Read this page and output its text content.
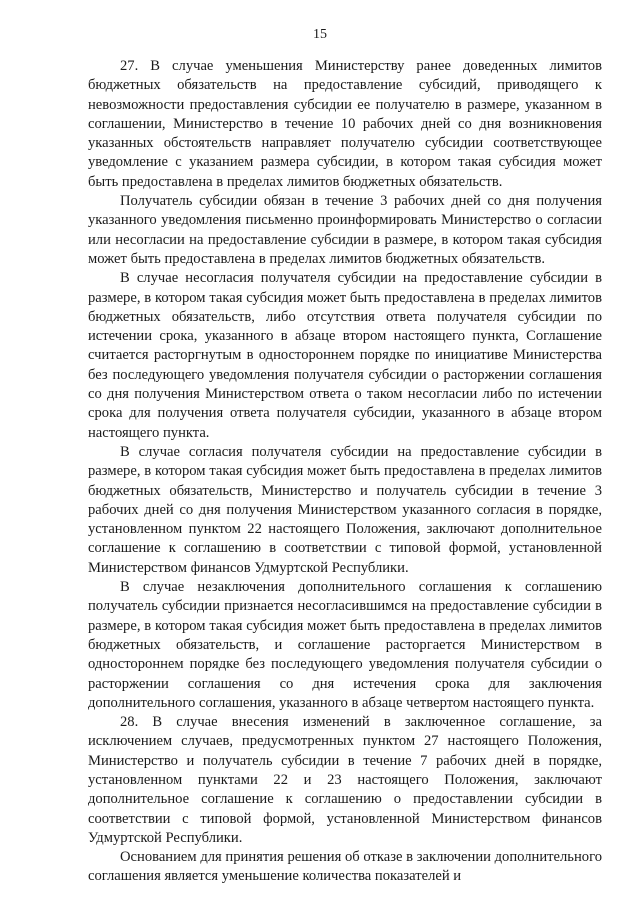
15

27. В случае уменьшения Министерству ранее доведенных лимитов бюджетных обязательств на предоставление субсидий, приводящего к невозможности предоставления субсидии ее получателю в размере, указанном в соглашении, Министерство в течение 10 рабочих дней со дня возникновения указанных обстоятельств направляет получателю субсидии соответствующее уведомление с указанием размера субсидии, в котором такая субсидия может быть предоставлена в пределах лимитов бюджетных обязательств.

Получатель субсидии обязан в течение 3 рабочих дней со дня получения указанного уведомления письменно проинформировать Министерство о согласии или несогласии на предоставление субсидии в размере, в котором такая субсидия может быть предоставлена в пределах лимитов бюджетных обязательств.

В случае несогласия получателя субсидии на предоставление субсидии в размере, в котором такая субсидия может быть предоставлена в пределах лимитов бюджетных обязательств, либо отсутствия ответа получателя субсидии по истечении срока, указанного в абзаце втором настоящего пункта, Соглашение считается расторгнутым в одностороннем порядке по инициативе Министерства без последующего уведомления получателя субсидии о расторжении соглашения со дня получения Министерством ответа о таком несогласии либо по истечении срока для получения ответа получателя субсидии, указанного в абзаце втором настоящего пункта.

В случае согласия получателя субсидии на предоставление субсидии в размере, в котором такая субсидия может быть предоставлена в пределах лимитов бюджетных обязательств, Министерство и получатель субсидии в течение 3 рабочих дней со дня получения Министерством указанного согласия в порядке, установленном пунктом 22 настоящего Положения, заключают дополнительное соглашение к соглашению в соответствии с типовой формой, установленной Министерством финансов Удмуртской Республики.

В случае незаключения дополнительного соглашения к соглашению получатель субсидии признается несогласившимся на предоставление субсидии в размере, в котором такая субсидия может быть предоставлена в пределах лимитов бюджетных обязательств, и соглашение расторгается Министерством в одностороннем порядке без последующего уведомления получателя субсидии о расторжении соглашения со дня истечения срока для заключения дополнительного соглашения, указанного в абзаце четвертом настоящего пункта.

28. В случае внесения изменений в заключенное соглашение, за исключением случаев, предусмотренных пунктом 27 настоящего Положения, Министерство и получатель субсидии в течение 7 рабочих дней в порядке, установленном пунктами 22 и 23 настоящего Положения, заключают дополнительное соглашение к соглашению о предоставлении субсидии в соответствии с типовой формой, установленной Министерством финансов Удмуртской Республики.

Основанием для принятия решения об отказе в заключении дополнительного соглашения является уменьшение количества показателей и
